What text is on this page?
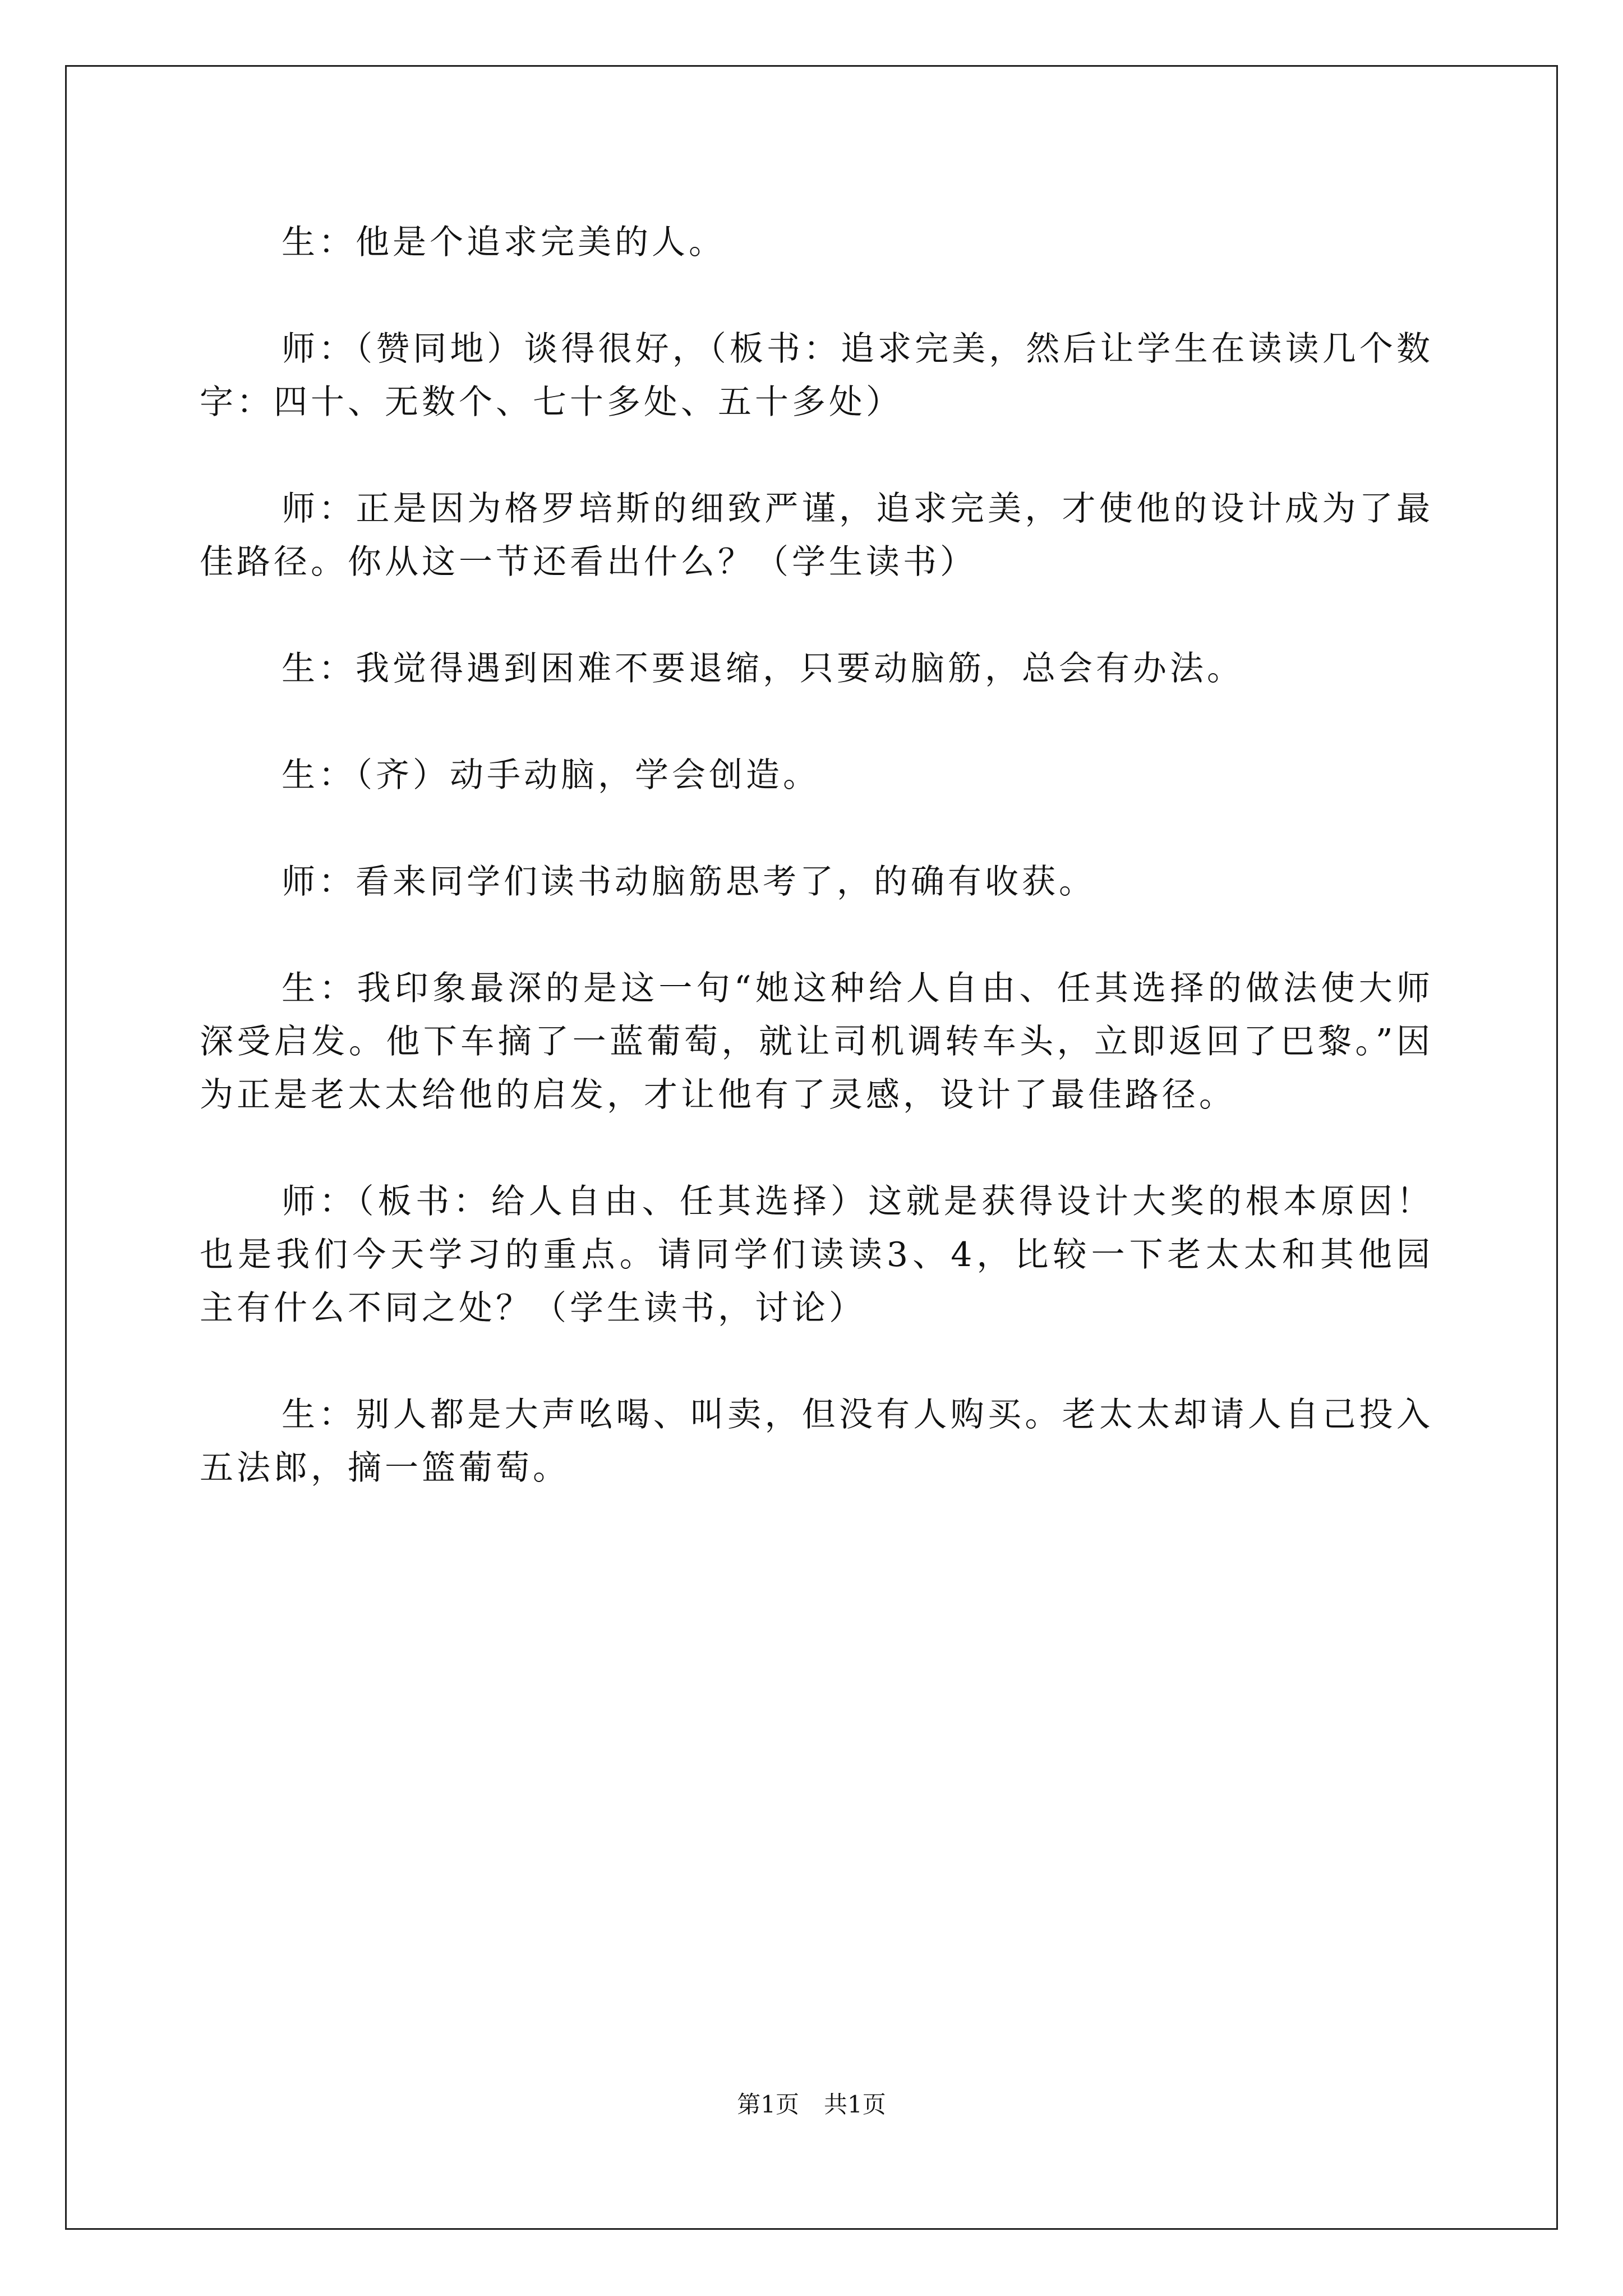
生：他是个追求完美的人。

师：（赞同地）谈得很好，（板书：追求完美，然后让学生在读读几个数字：四十、无数个、七十多处、五十多处）

师：正是因为格罗培斯的细致严谨，追求完美，才使他的设计成为了最佳路径。你从这一节还看出什么？（学生读书）

生：我觉得遇到困难不要退缩，只要动脑筋，总会有办法。

生：（齐）动手动脑，学会创造。

师：看来同学们读书动脑筋思考了，的确有收获。

生：我印象最深的是这一句“她这种给人自由、任其选择的做法使大师深受启发。他下车摘了一蓝葡萄，就让司机调转车头，立即返回了巴黎。”因为正是老太太给他的启发，才让他有了灵感，设计了最佳路径。

师：（板书：给人自由、任其选择）这就是获得设计大奖的根本原因！也是我们今天学习的重点。请同学们读读3、4，比较一下老太太和其他园主有什么不同之处？（学生读书，讨论）

生：别人都是大声吆喝、叫卖，但没有人购买。老太太却请人自己投入五法郎，摘一篮葡萄。

第1页 共1页
